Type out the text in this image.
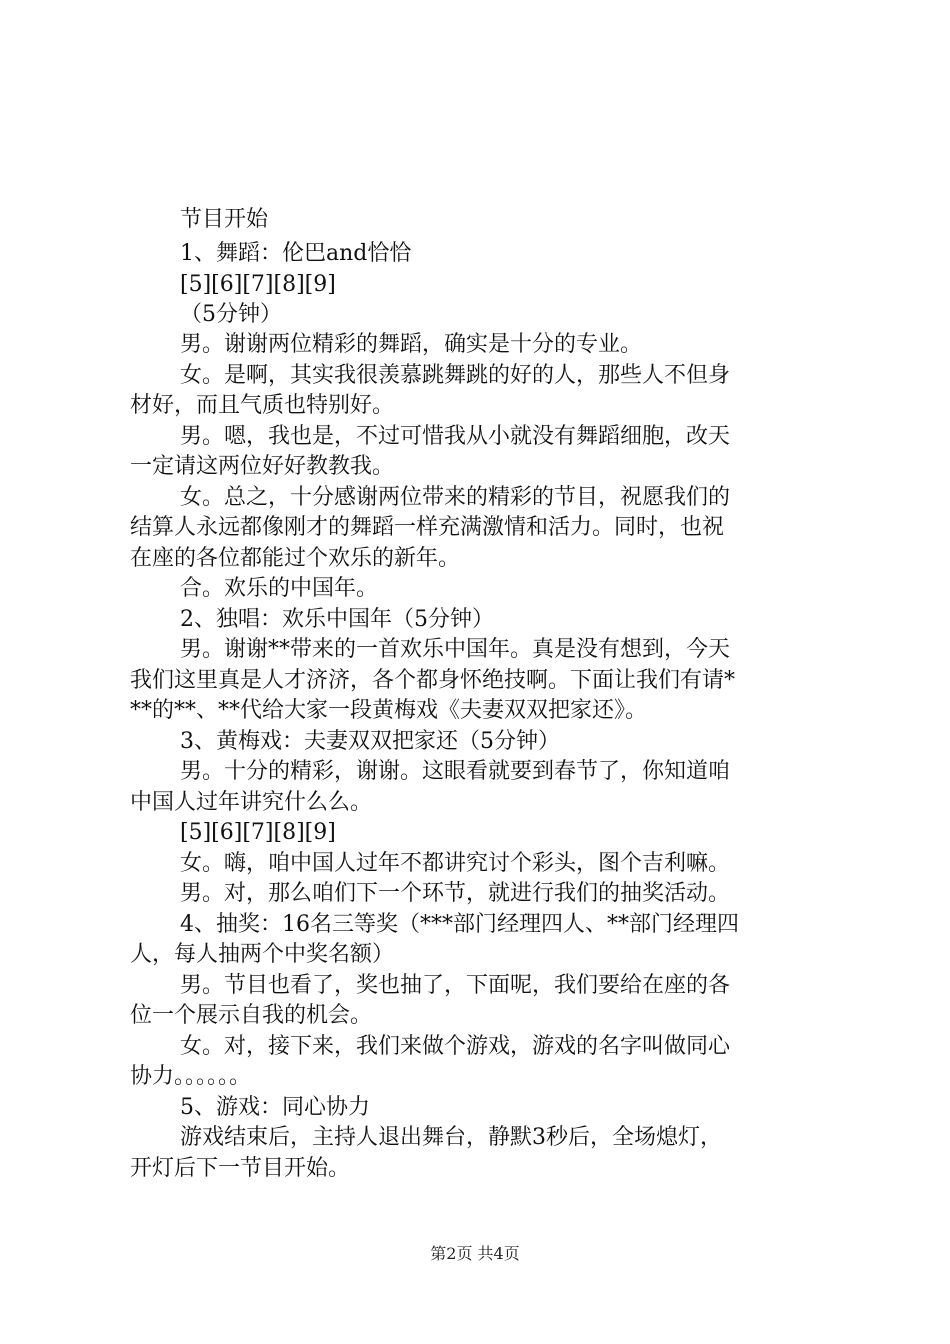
节目开始
1、舞蹈：伦巴and恰恰
[5][6][7][8][9]
（5分钟）
男。谢谢两位精彩的舞蹈，确实是十分的专业。
女。是啊，其实我很羡慕跳舞跳的好的人，那些人不但身
材好，而且气质也特别好。
男。嗯，我也是，不过可惜我从小就没有舞蹈细胞，改天
一定请这两位好好教教我。
女。总之，十分感谢两位带来的精彩的节目，祝愿我们的
结算人永远都像刚才的舞蹈一样充满激情和活力。同时，也祝
在座的各位都能过个欢乐的新年。
合。欢乐的中国年。
2、独唱：欢乐中国年（5分钟）
男。谢谢**带来的一首欢乐中国年。真是没有想到，今天
我们这里真是人才济济，各个都身怀绝技啊。下面让我们有请*
**的**、**代给大家一段黄梅戏《夫妻双双把家还》。
3、黄梅戏：夫妻双双把家还（5分钟）
男。十分的精彩，谢谢。这眼看就要到春节了，你知道咱
中国人过年讲究什么么。
[5][6][7][8][9]
女。嗨，咱中国人过年不都讲究讨个彩头，图个吉利嘛。
男。对，那么咱们下一个环节，就进行我们的抽奖活动。
4、抽奖：16名三等奖（***部门经理四人、**部门经理四
人，每人抽两个中奖名额）
男。节目也看了，奖也抽了，下面呢，我们要给在座的各
位一个展示自我的机会。
女。对，接下来，我们来做个游戏，游戏的名字叫做同心
协力。。。。。。
5、游戏：同心协力
游戏结束后，主持人退出舞台，静默3秒后，全场熄灯，
开灯后下一节目开始。
第2页 共4页
